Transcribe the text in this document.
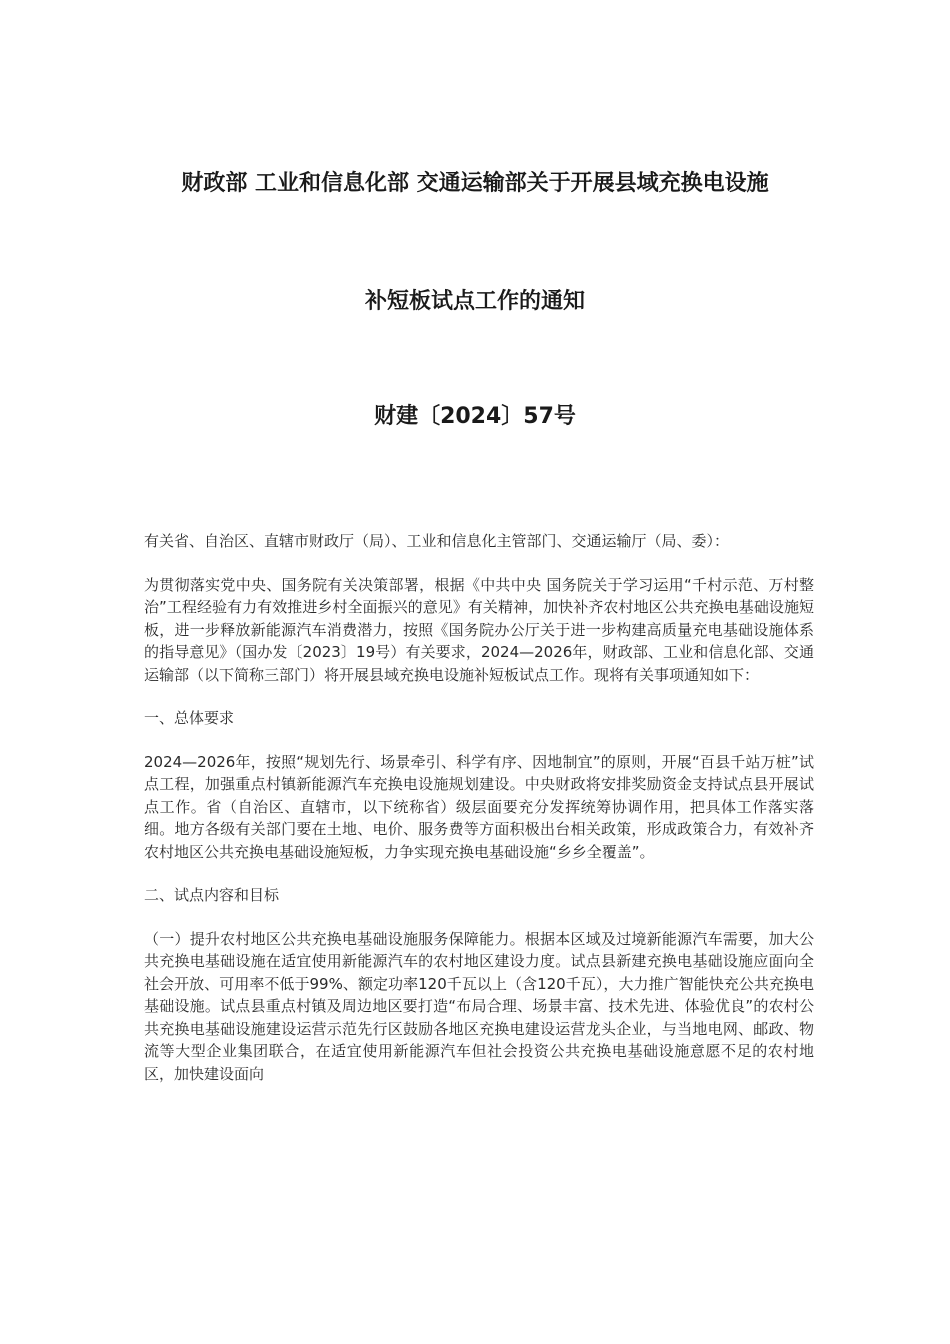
财政部 工业和信息化部 交通运输部关于开展县域充换电设施
补短板试点工作的通知
财建〔2024〕57号

有关省、自治区、直辖市财政厅（局）、工业和信息化主管部门、交通运输厅（局、委）：

为贯彻落实党中央、国务院有关决策部署，根据《中共中央 国务院关于学习运用“千村示范、万村整治”工程经验有力有效推进乡村全面振兴的意见》有关精神，加快补齐农村地区公共充换电基础设施短板，进一步释放新能源汽车消费潜力，按照《国务院办公厅关于进一步构建高质量充电基础设施体系的指导意见》（国办发〔2023〕19号）有关要求，2024—2026年，财政部、工业和信息化部、交通运输部（以下简称三部门）将开展县域充换电设施补短板试点工作。现将有关事项通知如下：

一、总体要求

2024—2026年，按照“规划先行、场景牵引、科学有序、因地制宜”的原则，开展“百县千站万桩”试点工程，加强重点村镇新能源汽车充换电设施规划建设。中央财政将安排奖励资金支持试点县开展试点工作。省（自治区、直辖市，以下统称省）级层面要充分发挥统筹协调作用，把具体工作落实落细。地方各级有关部门要在土地、电价、服务费等方面积极出台相关政策，形成政策合力，有效补齐农村地区公共充换电基础设施短板，力争实现充换电基础设施“乡乡全覆盖”。

二、试点内容和目标

（一）提升农村地区公共充换电基础设施服务保障能力。根据本区域及过境新能源汽车需要，加大公共充换电基础设施在适宜使用新能源汽车的农村地区建设力度。试点县新建充换电基础设施应面向全社会开放、可用率不低于99%、额定功率120千瓦以上（含120千瓦），大力推广智能快充公共充换电基础设施。试点县重点村镇及周边地区要打造“布局合理、场景丰富、技术先进、体验优良”的农村公共充换电基础设施建设运营示范先行区鼓励各地区充换电建设运营龙头企业，与当地电网、邮政、物流等大型企业集团联合，在适宜使用新能源汽车但社会投资公共充换电基础设施意愿不足的农村地区，加快建设面向
